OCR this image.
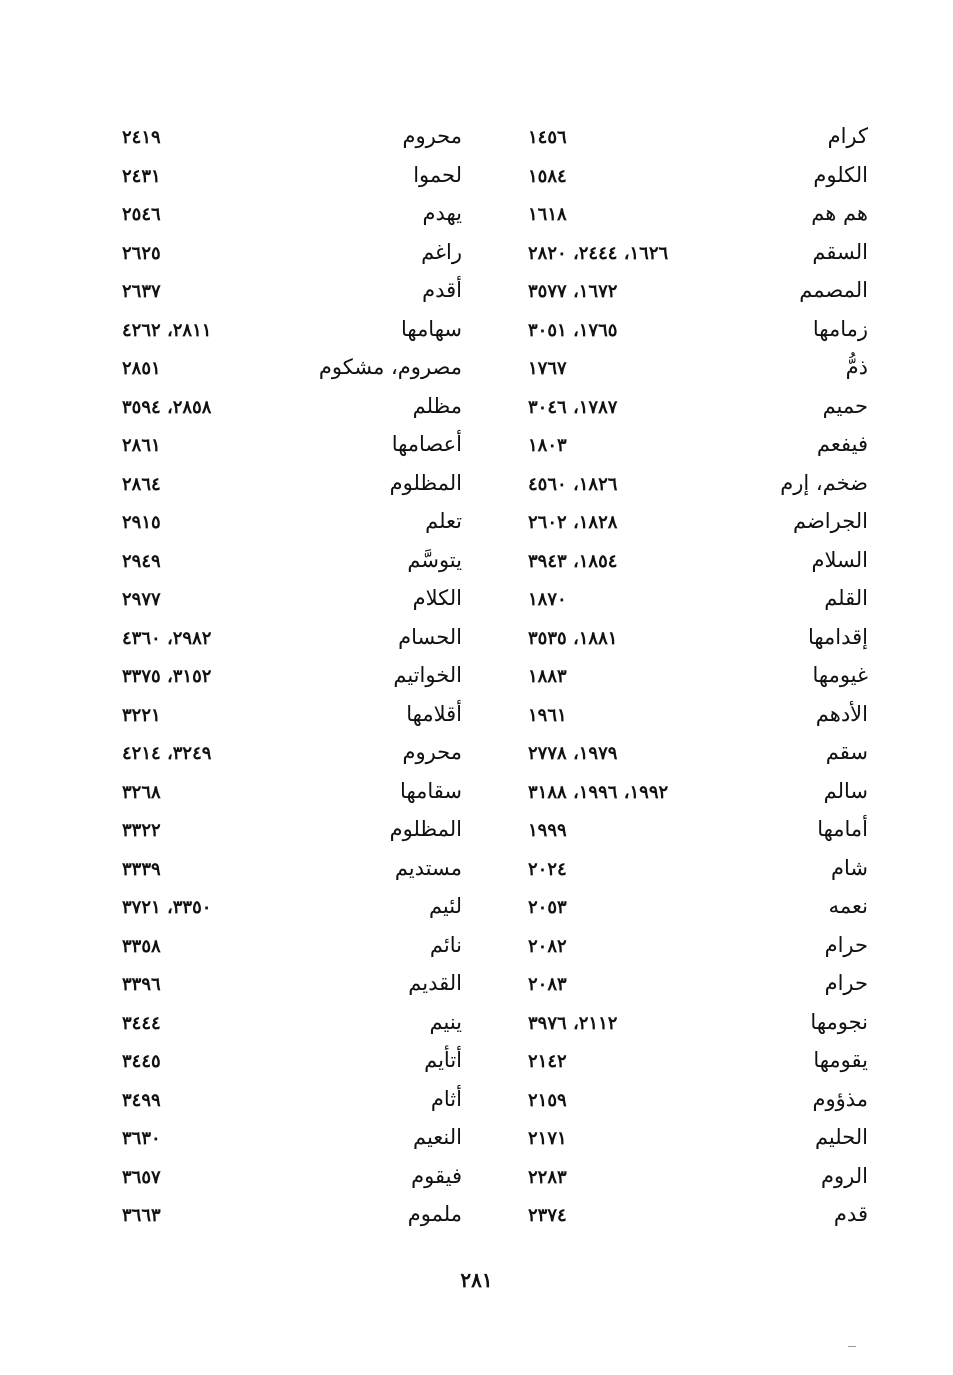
كرام
١٤٥٦
محروم
٢٤١٩
الكلوم
١٥٨٤
لحموا
٢٤٣١
هم هم
١٦١٨
يهدم
٢٥٤٦
السقم
١٦٢٦، ٢٤٤٤، ٢٨٢٠
راغم
٢٦٢٥
المصمم
١٦٧٢، ٣٥٧٧
أقدم
٢٦٣٧
زمامها
١٧٦٥، ٣٠٥١
سهامها
٢٨١١، ٤٢٦٢
ذمُّ
١٧٦٧
مصروم، مشكوم
٢٨٥١
حميم
١٧٨٧، ٣٠٤٦
مظلم
٢٨٥٨، ٣٥٩٤
فيفعم
١٨٠٣
أعصامها
٢٨٦١
ضخم، إرم
١٨٢٦، ٤٥٦٠
المظلوم
٢٨٦٤
الجراضم
١٨٢٨، ٢٦٠٢
تعلم
٢٩١٥
السلام
١٨٥٤، ٣٩٤٣
يتوسَّم
٢٩٤٩
القلم
١٨٧٠
الكلام
٢٩٧٧
إقدامها
١٨٨١، ٣٥٣٥
الحسام
٢٩٨٢، ٤٣٦٠
غيومها
١٨٨٣
الخواتيم
٣١٥٢، ٣٣٧٥
الأدهم
١٩٦١
أقلامها
٣٢٢١
سقم
١٩٧٩، ٢٧٧٨
محروم
٣٢٤٩، ٤٢١٤
سالم
١٩٩٢، ١٩٩٦، ٣١٨٨
سقامها
٣٢٦٨
أمامها
١٩٩٩
المظلوم
٣٣٢٢
شام
٢٠٢٤
مستديم
٣٣٣٩
نعمه
٢٠٥٣
لئيم
٣٣٥٠، ٣٧٢١
حرام
٢٠٨٢
نائم
٣٣٥٨
حرام
٢٠٨٣
القديم
٣٣٩٦
نجومها
٢١١٢، ٣٩٧٦
ينيم
٣٤٤٤
يقومها
٢١٤٢
أتأيم
٣٤٤٥
مذؤوم
٢١٥٩
أثام
٣٤٩٩
الحليم
٢١٧١
النعيم
٣٦٣٠
الروم
٢٢٨٣
فيقوم
٣٦٥٧
قدم
٢٣٧٤
ملموم
٣٦٦٣
٢٨١
